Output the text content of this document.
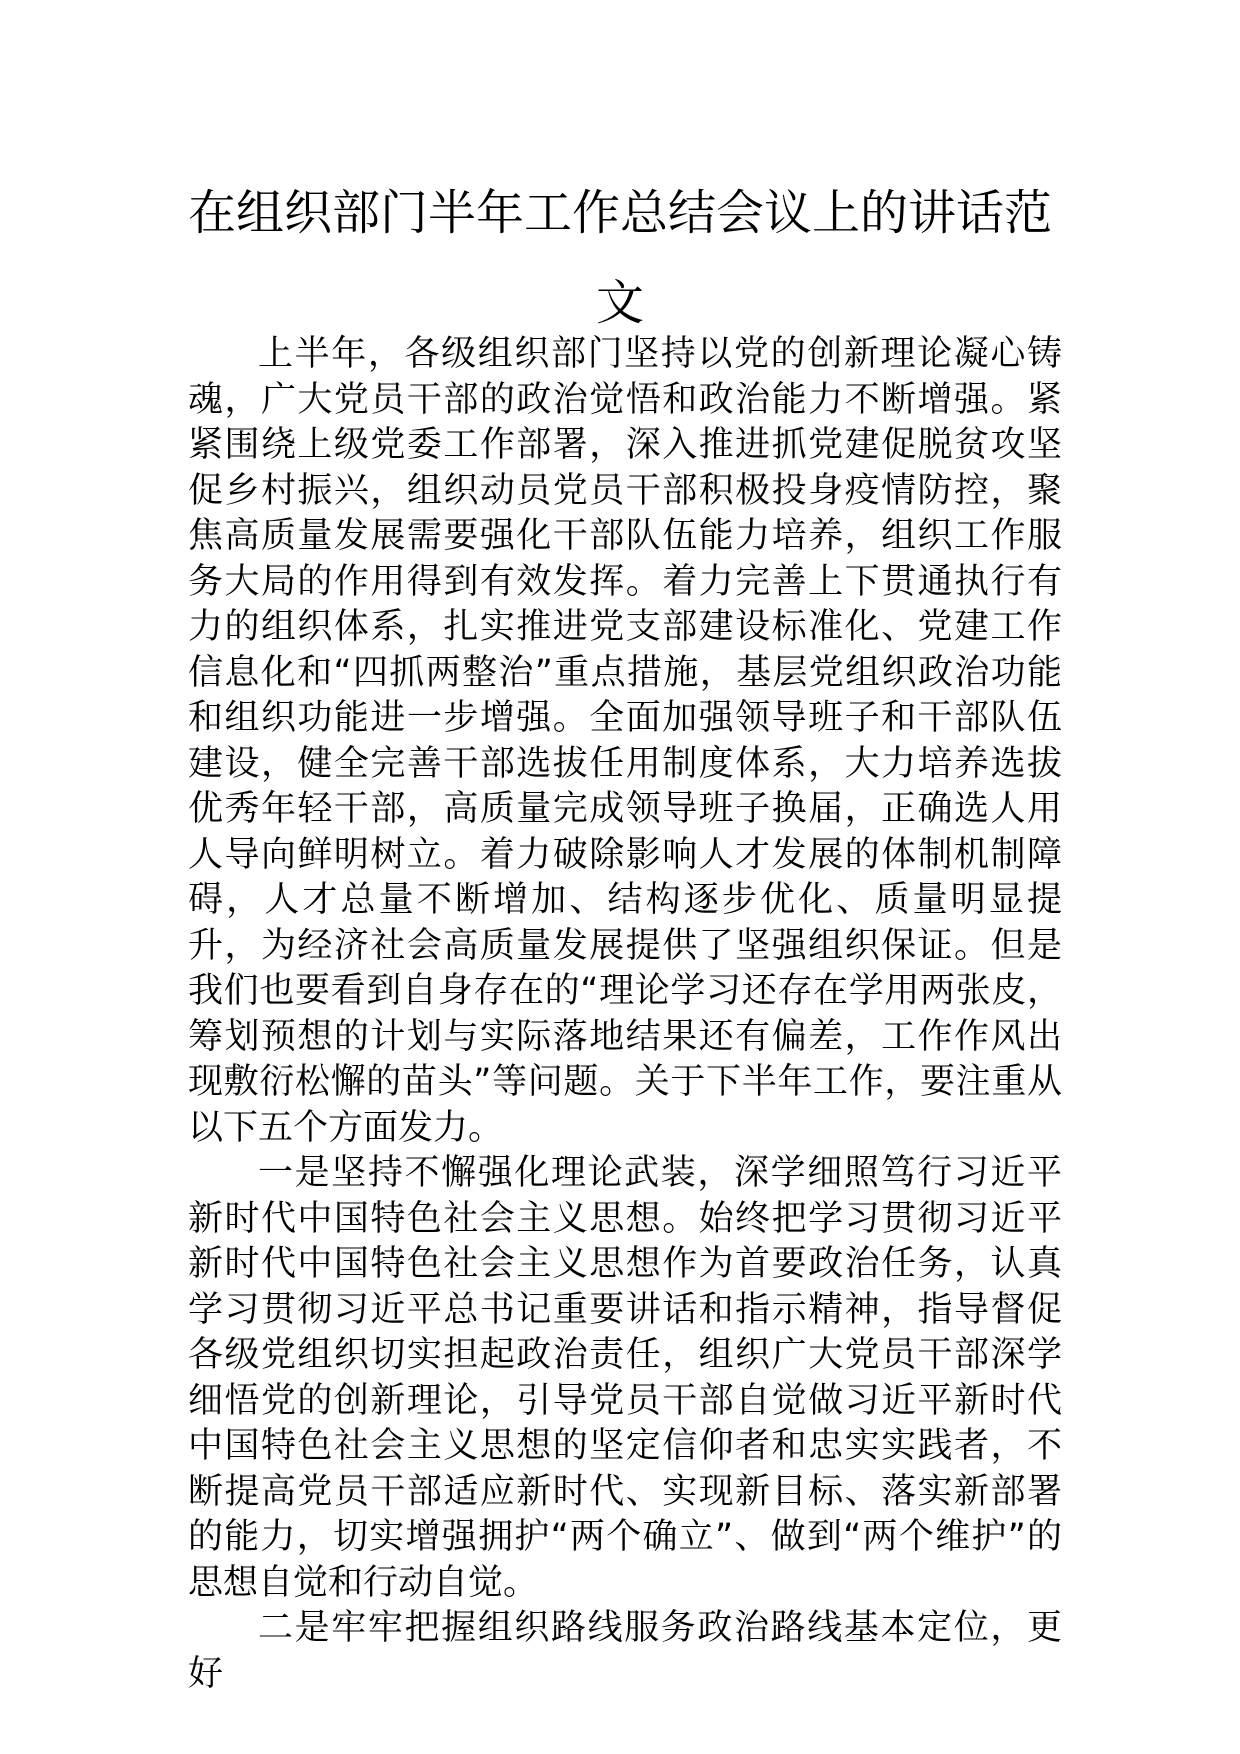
在组织部门半年工作总结会议上的讲话范文

上半年，各级组织部门坚持以党的创新理论凝心铸魂，广大党员干部的政治觉悟和政治能力不断增强。紧紧围绕上级党委工作部署，深入推进抓党建促脱贫攻坚促乡村振兴，组织动员党员干部积极投身疫情防控，聚焦高质量发展需要强化干部队伍能力培养，组织工作服务大局的作用得到有效发挥。着力完善上下贯通执行有力的组织体系，扎实推进党支部建设标准化、党建工作信息化和“四抓两整治”重点措施，基层党组织政治功能和组织功能进一步增强。全面加强领导班子和干部队伍建设，健全完善干部选拔任用制度体系，大力培养选拔优秀年轻干部，高质量完成领导班子换届，正确选人用人导向鲜明树立。着力破除影响人才发展的体制机制障碍，人才总量不断增加、结构逐步优化、质量明显提升，为经济社会高质量发展提供了坚强组织保证。但是我们也要看到自身存在的“理论学习还存在学用两张皮，筹划预想的计划与实际落地结果还有偏差，工作作风出现敷衍松懈的苗头”等问题。关于下半年工作，要注重从以下五个方面发力。

一是坚持不懈强化理论武装，深学细照笃行习近平新时代中国特色社会主义思想。始终把学习贯彻习近平新时代中国特色社会主义思想作为首要政治任务，认真学习贯彻习近平总书记重要讲话和指示精神，指导督促各级党组织切实担起政治责任，组织广大党员干部深学细悟党的创新理论，引导党员干部自觉做习近平新时代中国特色社会主义思想的坚定信仰者和忠实实践者，不断提高党员干部适应新时代、实现新目标、落实新部署的能力，切实增强拥护“两个确立”、做到“两个维护”的思想自觉和行动自觉。

二是牢牢把握组织路线服务政治路线基本定位，更好
